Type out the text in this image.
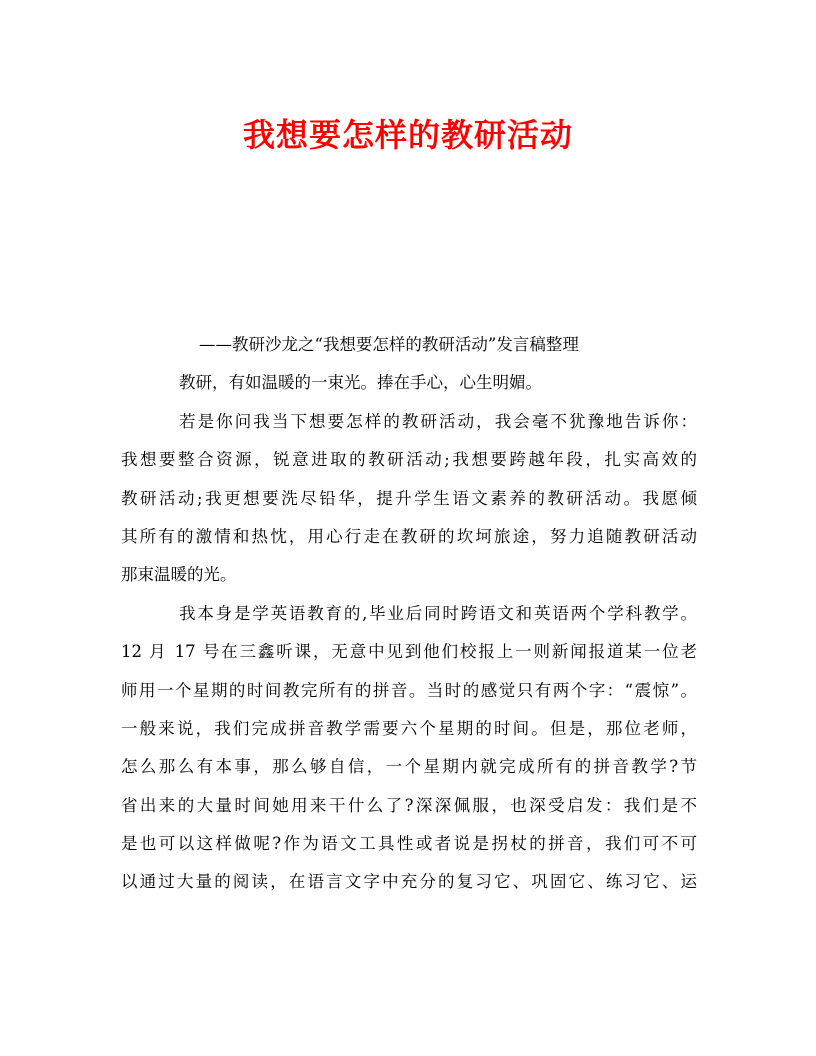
我想要怎样的教研活动
——教研沙龙之“我想要怎样的教研活动”发言稿整理
教研，有如温暖的一束光。捧在手心，心生明媚。
若是你问我当下想要怎样的教研活动，我会毫不犹豫地告诉你：
我想要整合资源，锐意进取的教研活动;我想要跨越年段，扎实高效的
教研活动;我更想要洗尽铅华，提升学生语文素养的教研活动。我愿倾
其所有的激情和热忱，用心行走在教研的坎坷旅途，努力追随教研活动
那束温暖的光。
我本身是学英语教育的,毕业后同时跨语文和英语两个学科教学。
12 月 17 号在三鑫听课，无意中见到他们校报上一则新闻报道某一位老
师用一个星期的时间教完所有的拼音。当时的感觉只有两个字：“震惊”。
一般来说，我们完成拼音教学需要六个星期的时间。但是，那位老师，
怎么那么有本事，那么够自信，一个星期内就完成所有的拼音教学?节
省出来的大量时间她用来干什么了?深深佩服，也深受启发：我们是不
是也可以这样做呢?作为语文工具性或者说是拐杖的拼音，我们可不可
以通过大量的阅读，在语言文字中充分的复习它、巩固它、练习它、运
